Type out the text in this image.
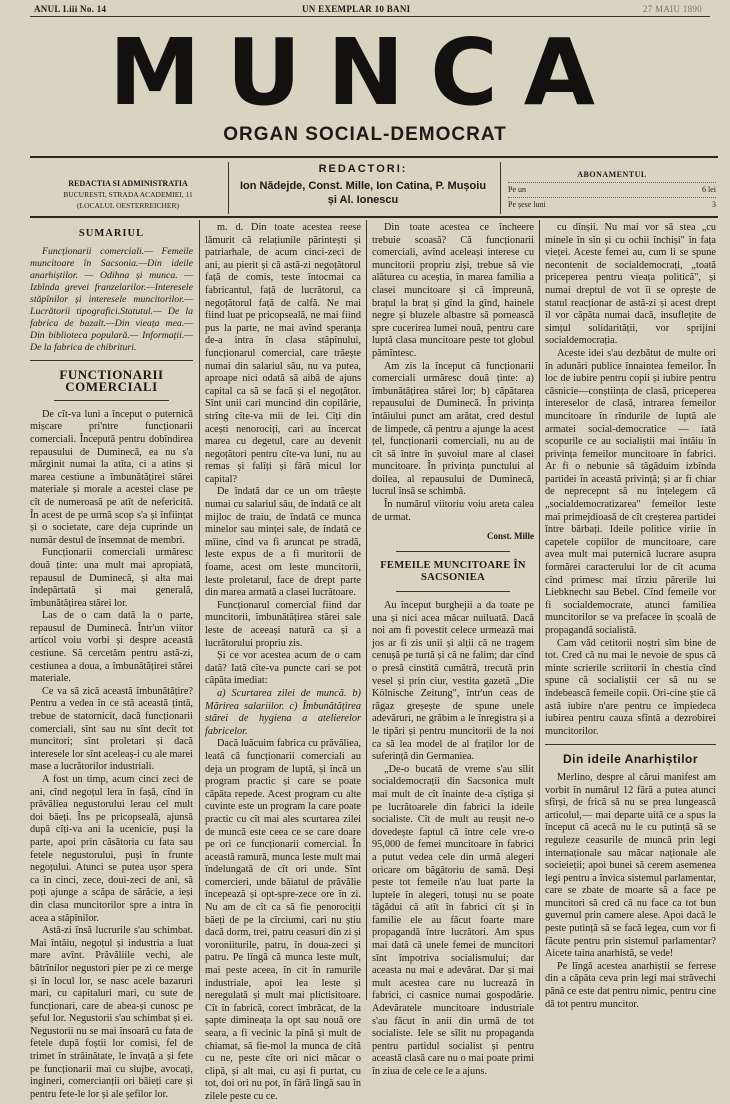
ANUL I.iii No. 14	UN EXEMPLAR 10 BANI	27 MAIU 1890
MUNCA
ORGAN SOCIAL-DEMOCRAT
REDACTIA SI ADMINISTRATIA
BUCURESTI, STRADA ACADEMIEI, 11
(LOCALUL OESTERREICHER)
REDACTORI:
Ion Nădejde, Const. Mille, Ion Catina, P. Mușoiu
și Al. Ionescu
ABONAMENTUL
Pe un	6 lei
Pe șese luni	3
SUMARIUL

Funcționarii comerciali.— Femeile muncitoare în Sacsonia.—Din ideile anarhiștilor. — Odihna și munca. — Izbînda grevei franzelarilor.—Interesele stăpînilor și interesele muncitorilor.—Lucrătorii tipografici.Statutul.— De la fabrica de bazalt.—Din vieața mea.—Din biblioteca populară.— Informații.—De la fabrica de chibrituri.

FUNCTIONARII COMERCIALI

De cît-va luni a început o puternică mișcare pri'ntre funcționarii comerciali. Începută pentru dobîndirea repausului de Duminecă, ea nu s'a mărginit numai la atîta, ci a atins și marea cestiune a îmbunătățirei stărei materiale și morale a acestei clase pe cît de numeroasă pe atît de nefericită. În acest de pe urmă scop s'a și înființat și o societate, care deja cuprinde un număr destul de însemnat de membri.

Funcționarii comerciali urmăresc două ținte: una mult mai apropiată, repausul de Duminecă, și alta mai îndepărtată și mai generală, îmbunătățirea stărei lor.

Las de o cam dată la o parte, repausul de Duminecă. Într'un viitor articol voiu vorbi și despre această cestiune. Să cercetăm pentru astă-zi, cestiunea a doua, a îmbunătățirei stărei materiale.

Ce va să zică această îmbunătățire? Pentru a vedea în ce stă această țintă, trebue de statornicit, dacă funcționarii comerciali, sînt sau nu sînt decît tot muncitori; sînt proletari și dacă interesele lor sînt aceleaș-i cu ale marei mase a lucrătorilor industriali.

A fost un timp, acum cinci zeci de ani, cînd negoțul lera în fașă, cînd în prăvăliea negustorului lerau cel mult doi băeți. Îns pe pricopseală, ajunsă după cîți-va ani la ucenicie, puși la parte, apoi prin căsătoria cu fata sau fetele negustorului, puși în frunte negoțului. Atunci se putea ușor spera ca în cinci, zece, doui-zeci de ani, să poți ajunge a scăpa de sărăcie, a ieși din clasa muncitorilor spre a intra în acea a stăpînilor.

Astă-zi însă lucrurile s'au schimbat. Mai întăiu, negoțul și industria a luat mare avînt. Prăvăliile vechi, ale bătrînilor negustori pier pe zi ce merge și în locul lor, se nasc acele bazaruri mari, cu capitaluri mari, cu sute de funcționari, care de abea-și cunosc pe șeful lor. Negustorii s'au schimbat și ei. Negustorii nu se mai însoară cu fata de fetele după foștii lor comisi, fel de trimet în străinătate, le învață a și fete pe funcționarii mai cu slujbe, avocați, ingineri, comercianții ori băieți care și pentru fete-le lor și ale șefilor lor.

m. d. Din toate acestea reese lămurit că relațiunile părintești și patriarhale, de acum cinci-zeci de ani, au pierit și că astă-zi negoțătorul față de comis, teste întocmai ca fabricantul, față de lucrătorul, ca negoțătorul față de calfă. Ne mai fiind luat pe pricopseală, ne mai fiind pus la parte, ne mai avînd speranța de-a intra în clasa stăpînului, funcționarul comercial, care trăește numai din salariul său, nu va putea, aproape nici odată să aibă de ajuns capital ca să se facă și el negoțător. Sînt unii cari muncind din copilărie, strîng cîte-va mii de lei. Cîți din acești nenorociți, cari au încercat marea cu degetul, care au devenit negoțători pentru cîte-va luni, nu au remas și falîți și fără micul lor capital?

De îndată dar ce un om trăește numai cu salariul său, de îndată ce alt mijloc de traiu, de îndată ce munca minelor sau minței sale, de îndată ce mîine, cînd va fi aruncat pe stradă, leste expus de a fi muritorii de foame, acest om leste muncitorii, leste proletarul, face de drept parte din marea armată a clasei lucrătoare.

Funcționarul comercial fiind dar muncitorii, îmbunătățirea stărei sale leste de aceeași natură ca și a lucrătorului propriu zis.

Și ce vor acestea acum de o cam dată? Iată cîte-va puncte cari se pot căpăta imediat:

a) Scurtarea zilei de muncă. b) Mărirea salariilor. c) Îmbunătățirea stărei de hygiena a atelierelor fabricelor.

Dacă luăcuim fabrica cu prăvăliea, leată că funcționarii comerciali au deja un program de luptă, și încă un program practic și care se poate căpăta repede. Acest program cu alte cuvinte este un program la care poate practic cu cît mai ales scurtarea zilei de muncă este ceea ce se care doare pe ori ce funcționarii comercial. În această ramură, munca leste mult mai îndelungată de cît ori unde. Sînt comercieri, unde băiatul de prăvălie începează și opt-spre-zece ore în zi. Nu am de cît ca să fie penorociții băeți de pe la cîrciumi, cari nu știu dacă dorm, trei, patru ceasuri din zi și voroniiturile, patru, în doua-zeci și patru. Pe lîngă că munca leste mult, mai peste aceea, în cit în ramurile industriale, apoi lea leste și neregulată și mult mai plictisitoare. Cît în fabrică, corect îmbrăcat, de la șapte dimineața la opt sau nouă ore seara, a fi vecinic la pînă și mult de chiamat, să fie-mol la munca de cîtă cu ne, peste cîte ori nici măcar o clipă, și alt mai, cu ași fi purtat, cu tot, doi ori nu pot, în fără lîngă sau în zilele peste cu ce.

Din toate acestea ce încheere trebuie scoasă? Că funcționarii comerciali, avînd aceleași interese cu muncitorii propriu ziși, trebue să vie alăturea cu aceștia, în marea familia a clasei muncitoare și că împreună, brațul la braț și gînd la gînd, hainele negre și bluzele albastre să pornească spre cucerirea lumei nouă, pentru care luptă clasa muncitoare peste tot globul pămîntesc.

Am zis la început că funcționarii comerciali urmăresc două ținte: a) îmbunătățirea stărei lor; b) căpătarea repausului de Duminecă. În privința întăiului punct am arătat, cred destul de limpede, că pentru a ajunge la acest țel, funcționarii comerciali, nu au de cît să între în șuvoiul mare al clasei muncitoare. În privința punctului al doilea, al repausului de Duminecă, lucrul însă se schimbă.

În numărul viitoriu voiu areta calea de urmat.

Const. Mille
FEMEILE MUNCITOARE ÎN SACSONIEA

Au început burghejii a da toate pe una și nici acea măcar nuiluată. Dacă noi am fi povestit celece urmează mai jos ar fi zis unii și alții că ne tragem cenușă pe turtă și că ne falim; dar cînd o presă cinstită cumătră, trecută prin vesel și prin ciur, vestita gazetă „Die Kölnische Zeitung", într'un ceas de răgaz greșește de spune unele adevăruri, ne grăbim a le înregistra și a le tipări și pentru muncitorii de la noi ca să lea model de al fraților lor de suferință din Germaniea.

„De-o bucată de vreme s'au sîlit socialdemocrații din Sacsonica mult mai mult de cît înainte de-a cîștiga și pe lucrătoarele din fabrici la ideile socialiste. Cît de mult au reușit ne-o dovedește faptul că între cele vre-o 95,000 de femei muncitoare în fabrici a putut vedea cele din urmă alegeri oricare om băgătoriu de samă. Deși peste tot femeile n'au luat parte la luptele în alegeri, totuși nu se poate tăgădui că atît în fabrici cît și în familie ele au făcut foarte mare propagandă între lucrători. Am spus mai dată că unele femei de muncitori sînt împotriva socialismului; dar aceasta nu mai e adevărat. Dar și mai mult acestea care nu lucrează în fabrici, ci casnice numai gospodărie. Adevăratele muncitoare industriale s'au făcut în anii din urmă de tot socialiste. Iele se sîlit nu propaganda pentru partidul socialist și pentru această clasă care nu o mai poate primi în ziua de cele ce le a ajuns.

cu dînșii. Nu mai vor să stea „cu minele în sîn și cu ochii închiși" în fața vieței. Aceste femei au, cum li se spune necontenit de socialdemocrați, „toată priceperea pentru vieața politică", și numai dreptul de vot îi se oprește de statul reacționar de astă-zi și acest drept îl vor căpăta numai dacă, insuflețite de simțul solidarității, vor sprijini socialdemocrația.

Aceste idei s'au dezbătut de multe ori în adunări publice înnaintea femeilor. În loc de iubire pentru copii și iubire pentru căsnicie—conștiința de clasă, priceperea intereselor de clasă, intrarea femeilor muncitoare în rîndurile de luptă ale armatei social-democratice — iată scopurile ce au socialiștii mai întăiu în privința femeilor muncitoare în fabrici. Ar fi o nebunie să tăgăduim izbînda partidei în această privință; și ar fi chiar de neprecepnt să nu înțelegem că „socialdemocratizarea" femeilor leste mai primejdioasă de cît creșterea partidei între bărbați. Ideile politice viriie în capetele copiilor de muncitoare, care avea mult mai puternică lucrare asupra formărei caracterului lor de cît acuma cînd primesc mai tîrziu părerile lui Liebknecht sau Bebel. Cînd femeile vor fi socialdemocrate, atunci familiea muncitorilor se va prefacee în școală de propagandă socialistă.

Cam văd cetitorii noștri sîm bine de tot. Cred că nu mai le nevoie de spus că minte scrierile scriitorii în chestia cînd spune că socialiștii cer să nu se îndebească femeile copii. Ori-cine știe că astă iubire n'are pentru ce împiedeca iubirea pentru cauza sfîntă a dezrobirei muncitorilor.

Din ideile Anarhiștilor

Merlino, despre al cărui manifest am vorbit în numărul 12 fără a putea atunci sfîrși, de frică să nu se prea lungească articolul,— mai departe uită ce a spus la început că acecă nu le cu putință să se reguleze ceasurile de muncă prin legi internaționale sau măcar naționale ale socieieții; apoi bunei să cerem asemenea legi pentru a învica sistemul parlamentar, care se zbate de moarte să a face pe muncitori să cred că nu face ca tot bun guvernul prin camere alese. Apoi dacă le peste putință să se facă legea, cum vor fi făcute pentru prin sistemul parlamentar? Aicete taina anarhistă, se vede!

Pe lîngă acestea anarhiștii se ferrese din a căpăta ceva prin legi mai străvechi până ce este dat pentru nimic, pentru cine dă tot pentru muncitor.
